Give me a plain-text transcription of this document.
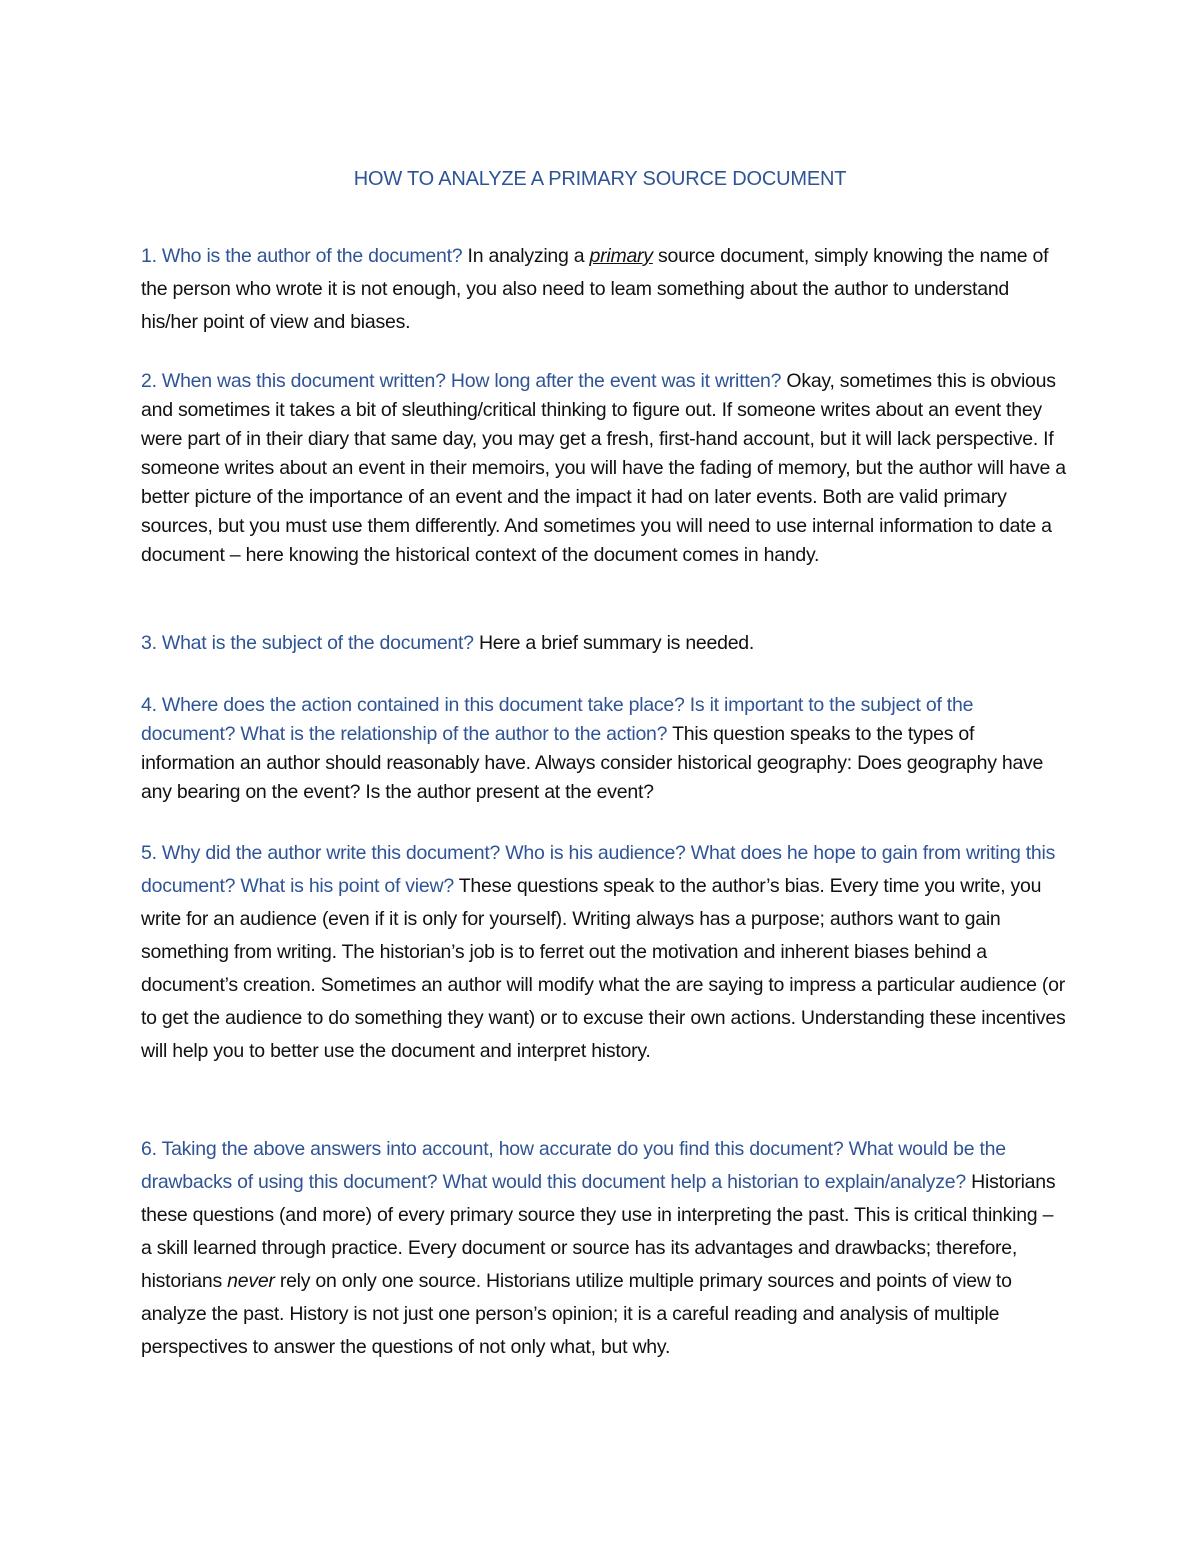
HOW TO ANALYZE A PRIMARY SOURCE DOCUMENT

1. Who is the author of the document? In analyzing a primary source document, simply knowing the name of the person who wrote it is not enough, you also need to leam something about the author to understand his/her point of view and biases.

2. When was this document written? How long after the event was it written? Okay, sometimes this is obvious and sometimes it takes a bit of sleuthing/critical thinking to figure out. If someone writes about an event they were part of in their diary that same day, you may get a fresh, first-hand account, but it will lack perspective. If someone writes about an event in their memoirs, you will have the fading of memory, but the author will have a better picture of the importance of an event and the impact it had on later events. Both are valid primary sources, but you must use them differently. And sometimes you will need to use internal information to date a document – here knowing the historical context of the document comes in handy.

3. What is the subject of the document? Here a brief summary is needed.

4. Where does the action contained in this document take place? Is it important to the subject of the document? What is the relationship of the author to the action? This question speaks to the types of information an author should reasonably have. Always consider historical geography: Does geography have any bearing on the event? Is the author present at the event?

5. Why did the author write this document? Who is his audience? What does he hope to gain from writing this document? What is his point of view? These questions speak to the author’s bias. Every time you write, you write for an audience (even if it is only for yourself). Writing always has a purpose; authors want to gain something from writing. The historian’s job is to ferret out the motivation and inherent biases behind a document’s creation. Sometimes an author will modify what the are saying to impress a particular audience (or to get the audience to do something they want) or to excuse their own actions. Understanding these incentives will help you to better use the document and interpret history.

6. Taking the above answers into account, how accurate do you find this document? What would be the drawbacks of using this document? What would this document help a historian to explain/analyze? Historians these questions (and more) of every primary source they use in interpreting the past. This is critical thinking – a skill learned through practice. Every document or source has its advantages and drawbacks; therefore, historians never rely on only one source. Historians utilize multiple primary sources and points of view to analyze the past. History is not just one person’s opinion; it is a careful reading and analysis of multiple perspectives to answer the questions of not only what, but why.
